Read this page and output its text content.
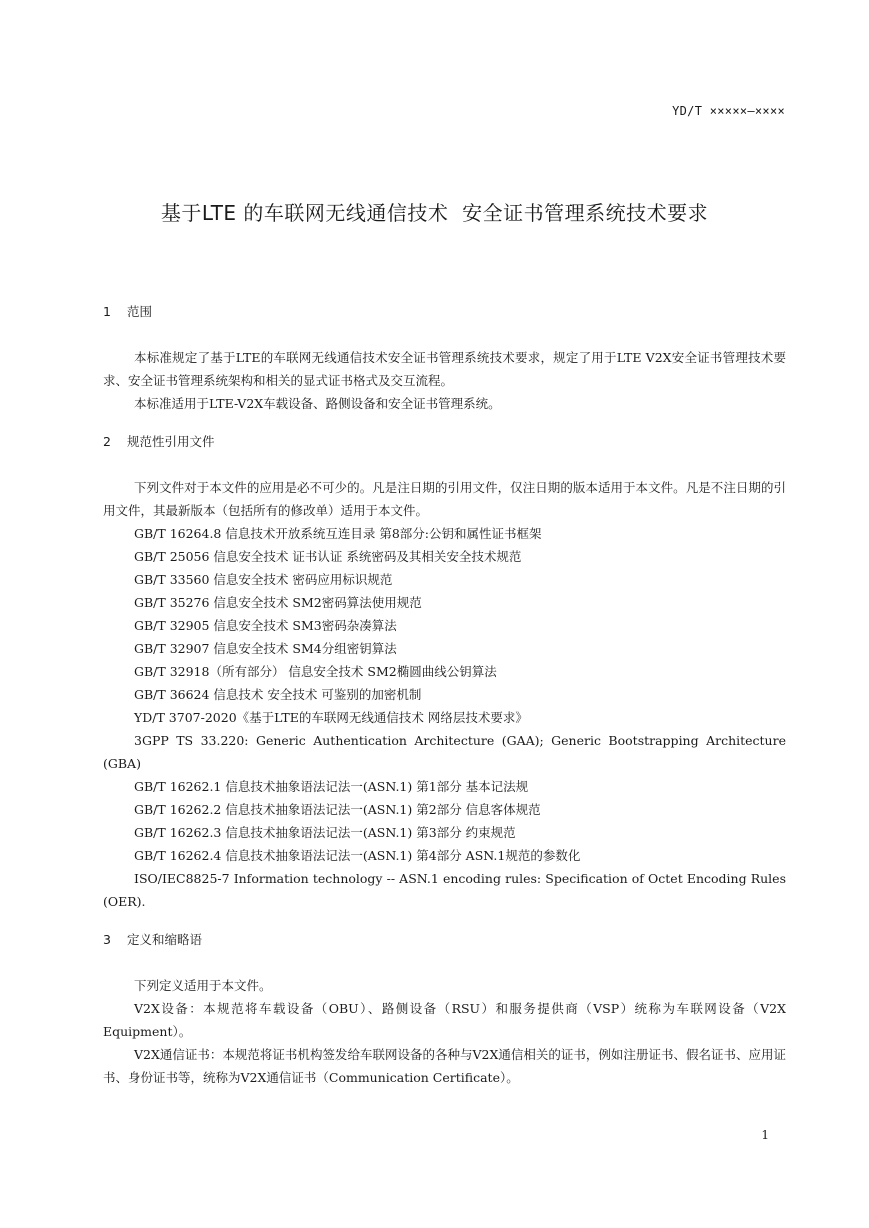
YD/T ×××××—××××
基于LTE 的车联网无线通信技术  安全证书管理系统技术要求
1 范围

本标准规定了基于LTE的车联网无线通信技术安全证书管理系统技术要求，规定了用于LTE V2X安全证书管理技术要求、安全证书管理系统架构和相关的显式证书格式及交互流程。

本标准适用于LTE-V2X车载设备、路侧设备和安全证书管理系统。

2 规范性引用文件

下列文件对于本文件的应用是必不可少的。凡是注日期的引用文件，仅注日期的版本适用于本文件。凡是不注日期的引用文件，其最新版本（包括所有的修改单）适用于本文件。

GB/T 16264.8 信息技术开放系统互连目录 第8部分:公钥和属性证书框架

GB/T 25056 信息安全技术 证书认证 系统密码及其相关安全技术规范

GB/T 33560 信息安全技术 密码应用标识规范

GB/T 35276 信息安全技术 SM2密码算法使用规范

GB/T 32905 信息安全技术 SM3密码杂凑算法

GB/T 32907 信息安全技术 SM4分组密钥算法

GB/T 32918（所有部分） 信息安全技术 SM2椭圆曲线公钥算法

GB/T 36624 信息技术 安全技术 可鉴别的加密机制

YD/T 3707-2020《基于LTE的车联网无线通信技术 网络层技术要求》

3GPP TS 33.220: Generic Authentication Architecture (GAA); Generic Bootstrapping Architecture (GBA)

GB/T 16262.1 信息技术抽象语法记法一(ASN.1) 第1部分 基本记法规

GB/T 16262.2 信息技术抽象语法记法一(ASN.1) 第2部分 信息客体规范

GB/T 16262.3 信息技术抽象语法记法一(ASN.1) 第3部分 约束规范

GB/T 16262.4 信息技术抽象语法记法一(ASN.1) 第4部分 ASN.1规范的参数化

ISO/IEC8825-7 Information technology -- ASN.1 encoding rules: Specification of Octet Encoding Rules (OER).

3 定义和缩略语

下列定义适用于本文件。

V2X设备：本规范将车载设备（OBU）、路侧设备（RSU）和服务提供商（VSP）统称为车联网设备（V2X Equipment）。

V2X通信证书：本规范将证书机构签发给车联网设备的各种与V2X通信相关的证书，例如注册证书、假名证书、应用证书、身份证书等，统称为V2X通信证书（Communication Certificate）。

1
